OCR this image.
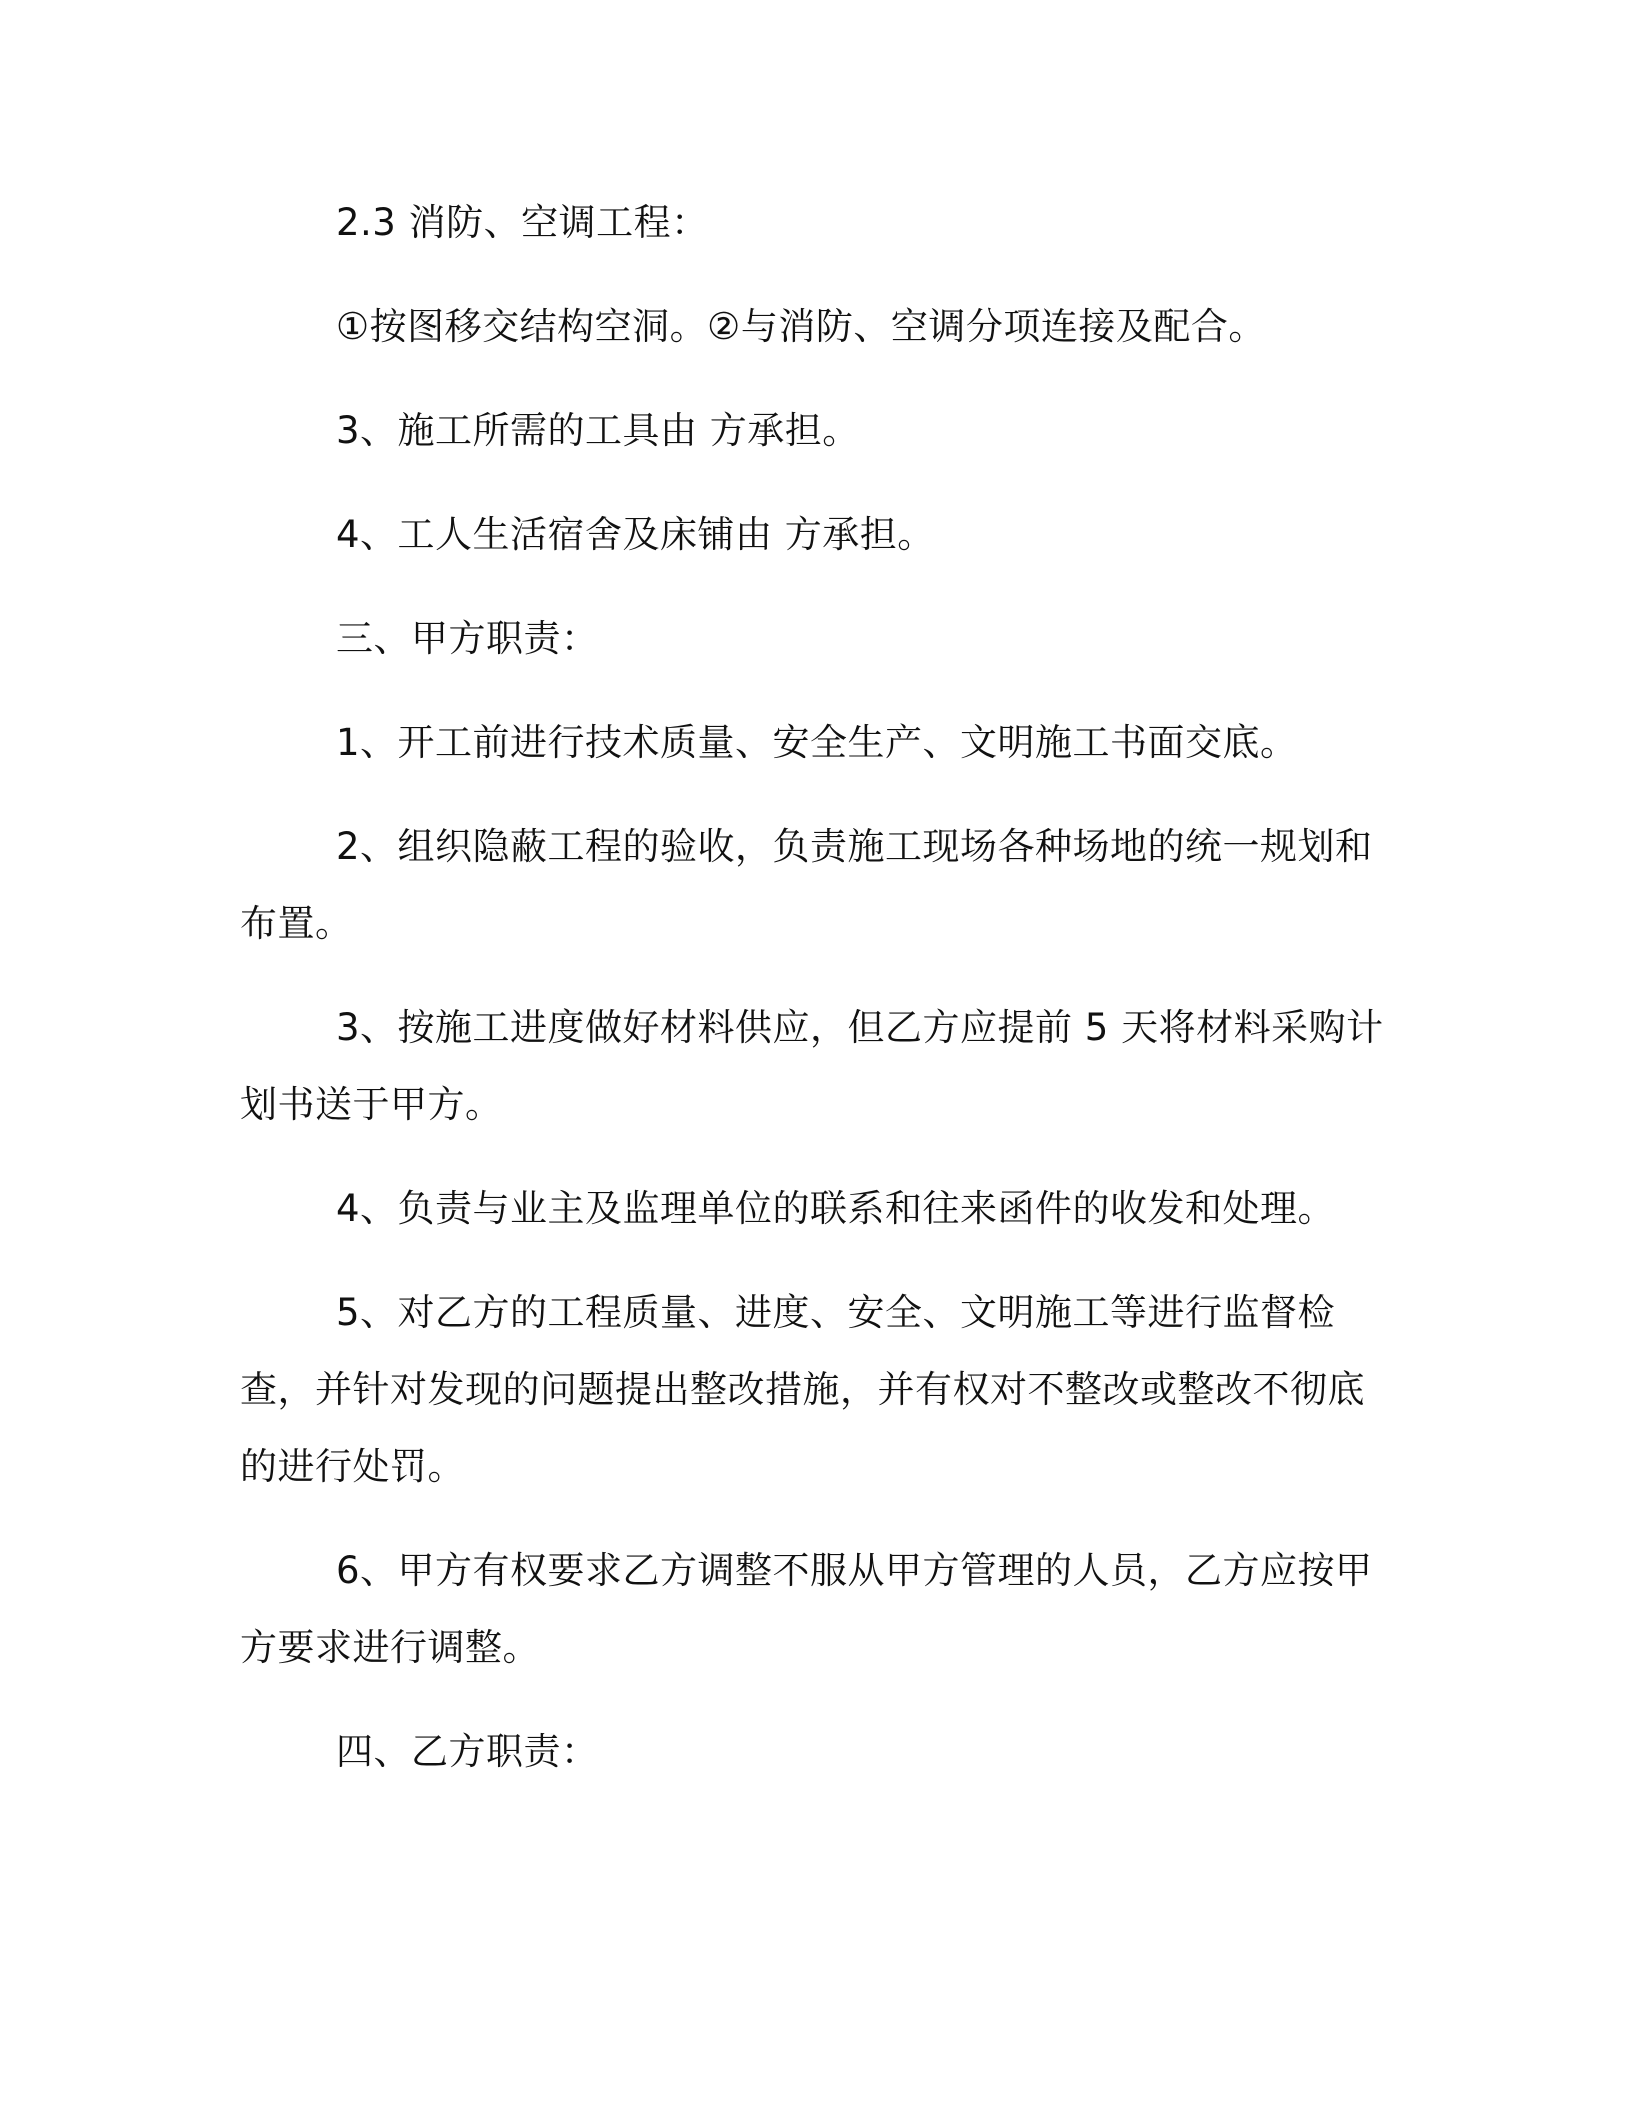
2.3 消防、空调工程：

①按图移交结构空洞。②与消防、空调分项连接及配合。

3、施工所需的工具由 方承担。

4、工人生活宿舍及床铺由 方承担。

三、甲方职责：

1、开工前进行技术质量、安全生产、文明施工书面交底。

2、组织隐蔽工程的验收，负责施工现场各种场地的统一规划和布置。

3、按施工进度做好材料供应，但乙方应提前 5 天将材料采购计划书送于甲方。

4、负责与业主及监理单位的联系和往来函件的收发和处理。

5、对乙方的工程质量、进度、安全、文明施工等进行监督检查，并针对发现的问题提出整改措施，并有权对不整改或整改不彻底的进行处罚。

6、甲方有权要求乙方调整不服从甲方管理的人员，乙方应按甲方要求进行调整。

四、乙方职责：
